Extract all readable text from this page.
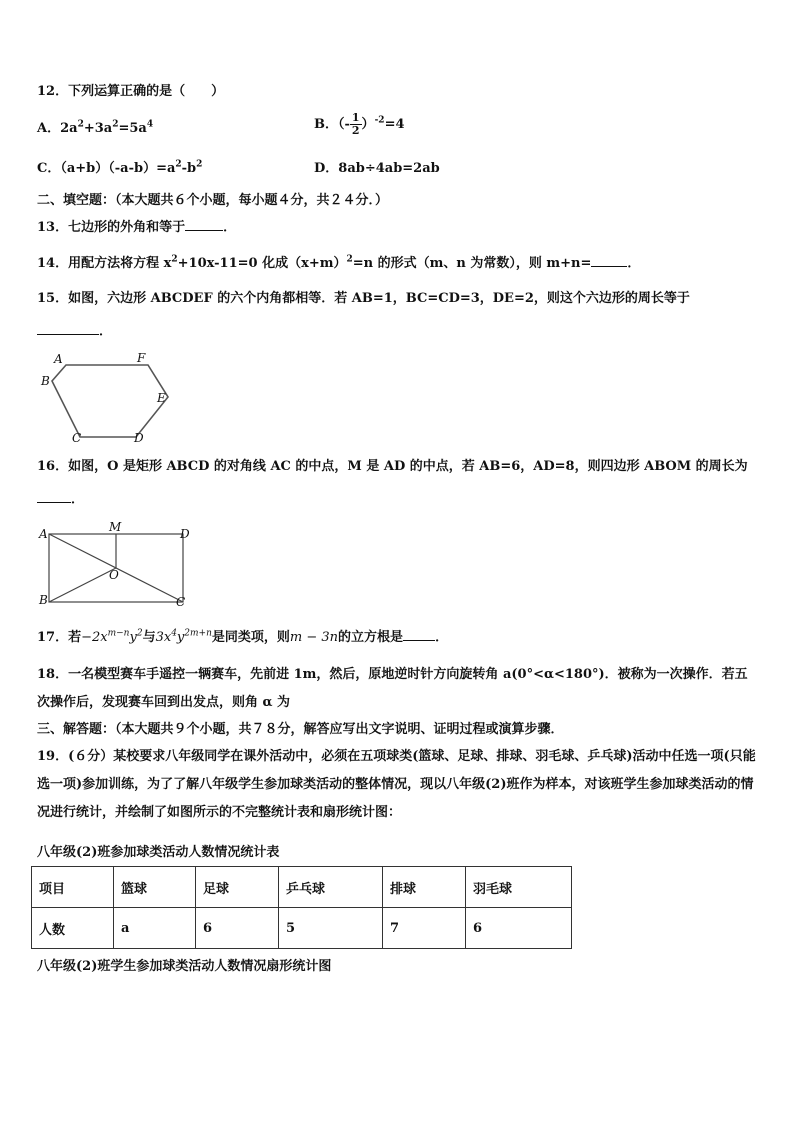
12．下列运算正确的是（　　）
A．$2a^2+3a^2=5a^4$	B．（- $\frac{1}{2} )^{-2}=4$
C．$(a+b)(-a-b)=a^2-b^2$	D．8ab÷4ab=2ab
二、填空题：（本大题共６个小题，每小题４分，共２４分．）
13．七边形的外角和等于	．
14．用配方法将方程 $x^2+10x-11=0$ 化成$(x+m)^2=n$ 的形式（m、n 为常数），则 m+n=	．
15．如图，六边形 ABCDEF 的六个内角都相等．若 AB=1，BC=CD=3，DE=2，则这个六边形的周长等于
．
A
B
C	D
E
F
16．如图，O 是矩形 ABCD 的对角线 AC 的中点，M 是 AD 的中点，若 AB=6，AD=8，则四边形 ABOM 的周长为
．
A	M	D
O
B	C
17．若$-2x^{m-n}y^2$与$3x^4y^{2m+n}$是同类项，则m − 3n的立方根是 ．
18．一名模型赛车手遥控一辆赛车，先前进 1m，然后，原地逆时针方向旋转角 a(0°<α<180°)．被称为一次操作．若五次操作后，发现赛车回到出发点，则角 α 为
三、解答题：（本大题共９个小题，共７８分，解答应写出文字说明、证明过程或演算步骤．
19．(６分）某校要求八年级同学在课外活动中，必须在五项球类(篮球、足球、排球、羽毛球、乒乓球)活动中任选一项(只能选一项)参加训练，为了了解八年级学生参加球类活动的整体情况，现以八年级(2)班作为样本，对该班学生参加球类活动的情况进行统计，并绘制了如图所示的不完整统计表和扇形统计图：
八年级(2)班参加球类活动人数情况统计表
项目	篮球	足球	乒乓球	排球	羽毛球
人数	a	6	5	7	6
八年级(2)班学生参加球类活动人数情况扇形统计图
